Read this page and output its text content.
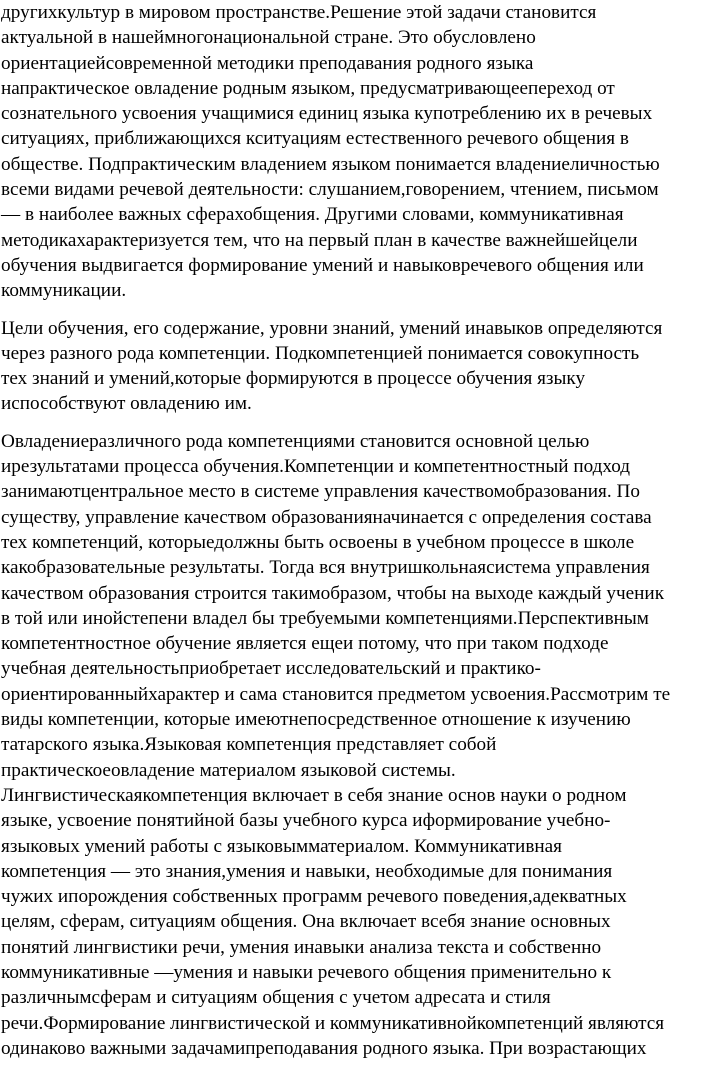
другихкультур в мировом пространстве.Решение этой задачи становится
актуальной в нашеймногонациональной стране. Это обусловлено
ориентациейсовременной методики преподавания родного языка
напрактическое овладение родным языком, предусматривающеепереход от
сознательного усвоения учащимися единиц языка купотреблению их в речевых
ситуациях, приближающихся кситуациям естественного речевого общения в
обществе. Подпрактическим владением языком понимается владениеличностью
всеми видами речевой деятельности: слушанием,говорением, чтением, письмом
— в наиболее важных сферахобщения. Другими словами, коммуникативная
методикахарактеризуется тем, что на первый план в качестве важнейшейцели
обучения выдвигается формирование умений и навыковречевого общения или
коммуникации.
Цели обучения, его содержание, уровни знаний, умений инавыков определяются
через разного рода компетенции. Подкомпетенцией понимается совокупность
тех знаний и умений,которые формируются в процессе обучения языку
испособствуют овладению им.
Овладениеразличного рода компетенциями становится основной целью
ирезультатами процесса обучения.Компетенции и компетентностный подход
занимаютцентральное место в системе управления качествомобразования. По
существу, управление качеством образованияначинается с определения состава
тех компетенций, которыедолжны быть освоены в учебном процессе в школе
какобразовательные результаты. Тогда вся внутришкольнаясистема управления
качеством образования строится такимобразом, чтобы на выходе каждый ученик
в той или инойстепени владел бы требуемыми компетенциями.Перспективным
компетентностное обучение является ещеи потому, что при таком подходе
учебная деятельностьприобретает исследовательский и практико-
ориентированныйхарактер и сама становится предметом усвоения.Рассмотрим те
виды компетенции, которые имеютнепосредственное отношение к изучению
татарского языка.Языковая компетенция представляет собой
практическоеовладение материалом языковой системы.
Лингвистическаякомпетенция включает в себя знание основ науки о родном
языке, усвоение понятийной базы учебного курса иформирование учебно-
языковых умений работы с языковымматериалом. Коммуникативная
компетенция — это знания,умения и навыки, необходимые для понимания
чужих ипорождения собственных программ речевого поведения,адекватных
целям, сферам, ситуациям общения. Она включает всебя знание основных
понятий лингвистики речи, умения инавыки анализа текста и собственно
коммуникативные —умения и навыки речевого общения применительно к
различнымсферам и ситуациям общения с учетом адресата и стиля
речи.Формирование лингвистической и коммуникативнойкомпетенций являются
одинаково важными задачамипреподавания родного языка. При возрастающих
